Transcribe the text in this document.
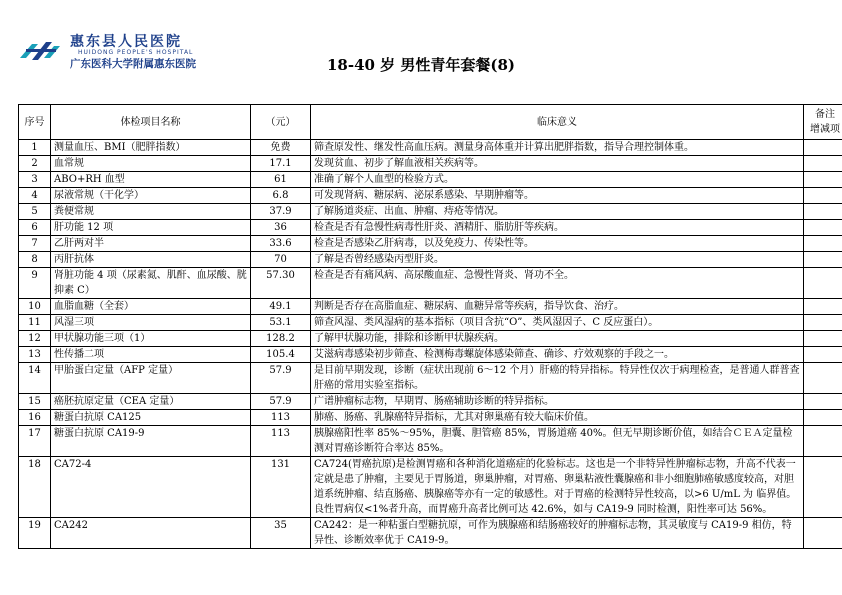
惠东县人民医院
HUIDONG PEOPLE'S HOSPITAL
广东医科大学附属惠东医院	18-40 岁 男性青年套餐(8)
序号	体检项目名称	（元）	临床意义	备注
增减项

1	测量血压、BMI（肥胖指数）	免费	筛查原发性、继发性高血压病。测量身高体重并计算出肥胖指数，指导合理控制体重。	
2	血常规	17.1	发现贫血、初步了解血液相关疾病等。	
3	ABO+RH 血型	61	准确了解个人血型的检验方式。	
4	尿液常规（干化学）	6.8	可发现肾病、糖尿病、泌尿系感染、早期肿瘤等。	
5	粪便常规	37.9	了解肠道炎症、出血、肿瘤、痔疮等情况。	
6	肝功能 12 项	36	检查是否有急慢性病毒性肝炎、酒精肝、脂肪肝等疾病。	
7	乙肝两对半	33.6	检查是否感染乙肝病毒，以及免疫力、传染性等。	
8	丙肝抗体	70	了解是否曾经感染丙型肝炎。	
9	肾脏功能 4 项（尿素氮、肌酐、血尿酸、胱抑素 C）	57.30	检查是否有痛风病、高尿酸血症、急慢性肾炎、肾功不全。	
10	血脂血糖（全套）	49.1	判断是否存在高脂血症、糖尿病、血糖异常等疾病，指导饮食、治疗。	
11	风湿三项	53.1	筛查风湿、类风湿病的基本指标（项目含抗“O”、类风湿因子、C 反应蛋白）。	
12	甲状腺功能三项（1）	128.2	了解甲状腺功能，排除和诊断甲状腺疾病。	
13	性传播二项	105.4	艾滋病毒感染初步筛查、检测梅毒螺旋体感染筛查、确诊、疗效观察的手段之一。	
14	甲胎蛋白定量（AFP 定量）	57.9	是目前早期发现，诊断（症状出现前 6～12 个月）肝癌的特异指标。特异性仅次于病理检查，是普通人群普查肝癌的常用实验室指标。	
15	癌胚抗原定量（CEA 定量）	57.9	广谱肿瘤标志物，早期胃、肠癌辅助诊断的特异指标。	
16	糖蛋白抗原 CA125	113	肺癌、肠癌、乳腺癌特异指标，尤其对卵巢癌有较大临床价值。	
17	糖蛋白抗原 CA19-9	113	胰腺癌阳性率 85%～95%，胆囊、胆管癌 85%，胃肠道癌 40%。但无早期诊断价值，如结合ＣＥＡ定量检测对胃癌诊断符合率达 85%。	
18	CA72-4	131	CA724(胃癌抗原)是检测胃癌和各种消化道癌症的化验标志。这也是一个非特异性肿瘤标志物，升高不代表一定就是患了肿瘤，主要见于胃肠道，卵巢肿瘤，对胃癌、卵巢粘液性囊腺癌和非小细胞肺癌敏感度较高，对胆道系统肿瘤、结直肠癌、胰腺癌等亦有一定的敏感性。对于胃癌的检测特异性较高，以>6 U/mL 为 临界值。良性胃病仅<1%者升高，而胃癌升高者比例可达 42.6%，如与 CA19-9 同时检测，阳性率可达 56%。	
19	CA242	35	CA242：是一种粘蛋白型糖抗原，可作为胰腺癌和结肠癌较好的肿瘤标志物，其灵敏度与 CA19-9 相仿，特异性、诊断效率优于 CA19-9。	
